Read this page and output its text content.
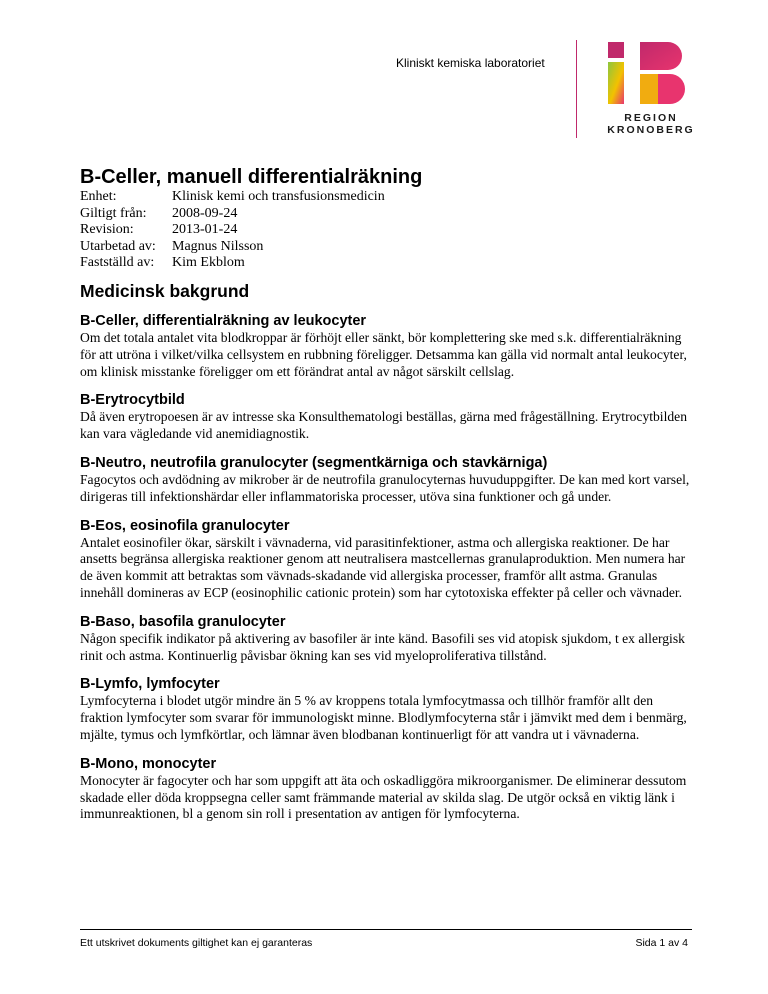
Kliniskt kemiska laboratoriet
REGION
KRONOBERG
B-Celler, manuell differentialräkning
Enhet:	Klinisk kemi och transfusionsmedicin
Giltigt från:	2008-09-24
Revision:	2013-01-24
Utarbetad av:	Magnus Nilsson
Fastställd av:	Kim Ekblom
Medicinsk bakgrund
B-Celler, differentialräkning av leukocyter

Om det totala antalet vita blodkroppar är förhöjt eller sänkt, bör komplettering ske med s.k. differentialräkning för att utröna i vilket/vilka cellsystem en rubbning föreligger. Detsamma kan gälla vid normalt antal leukocyter, om klinisk misstanke föreligger om ett förändrat antal av något särskilt cellslag.

B-Erytrocytbild

Då även erytropoesen är av intresse ska Konsulthematologi beställas, gärna med frågeställning. Erytrocytbilden kan vara vägledande vid anemidiagnostik.

B-Neutro, neutrofila granulocyter (segmentkärniga och stavkärniga)

Fagocytos och avdödning av mikrober är de neutrofila granulocyternas huvuduppgifter. De kan med kort varsel, dirigeras till infektionshärdar eller inflammatoriska processer, utöva sina funktioner och gå under.

B-Eos, eosinofila granulocyter

Antalet eosinofiler ökar, särskilt i vävnaderna, vid parasitinfektioner, astma och allergiska reaktioner. De har ansetts begränsa allergiska reaktioner genom att neutralisera mastcellernas granulaproduktion. Men numera har de även kommit att betraktas som vävnads-skadande vid allergiska processer, framför allt astma. Granulas innehåll domineras av ECP (eosinophilic cationic protein) som har cytotoxiska effekter på celler och vävnader.

B-Baso, basofila granulocyter

Någon specifik indikator på aktivering av basofiler är inte känd. Basofili ses vid atopisk sjukdom, t ex allergisk rinit och astma. Kontinuerlig påvisbar ökning kan ses vid myeloproliferativa tillstånd.

B-Lymfo, lymfocyter

Lymfocyterna i blodet utgör mindre än 5 % av kroppens totala lymfocytmassa och tillhör framför allt den fraktion lymfocyter som svarar för immunologiskt minne. Blodlymfocyterna står i jämvikt med dem i benmärg, mjälte, tymus och lymfkörtlar, och lämnar även blodbanan kontinuerligt för att vandra ut i vävnaderna.

B-Mono, monocyter

Monocyter är fagocyter och har som uppgift att äta och oskadliggöra mikroorganismer. De eliminerar dessutom skadade eller döda kroppsegna celler samt främmande material av skilda slag. De utgör också en viktig länk i immunreaktionen, bl a genom sin roll i presentation av antigen för lymfocyterna.

Ett utskrivet dokuments giltighet kan ej garanteras	Sida 1 av 4
